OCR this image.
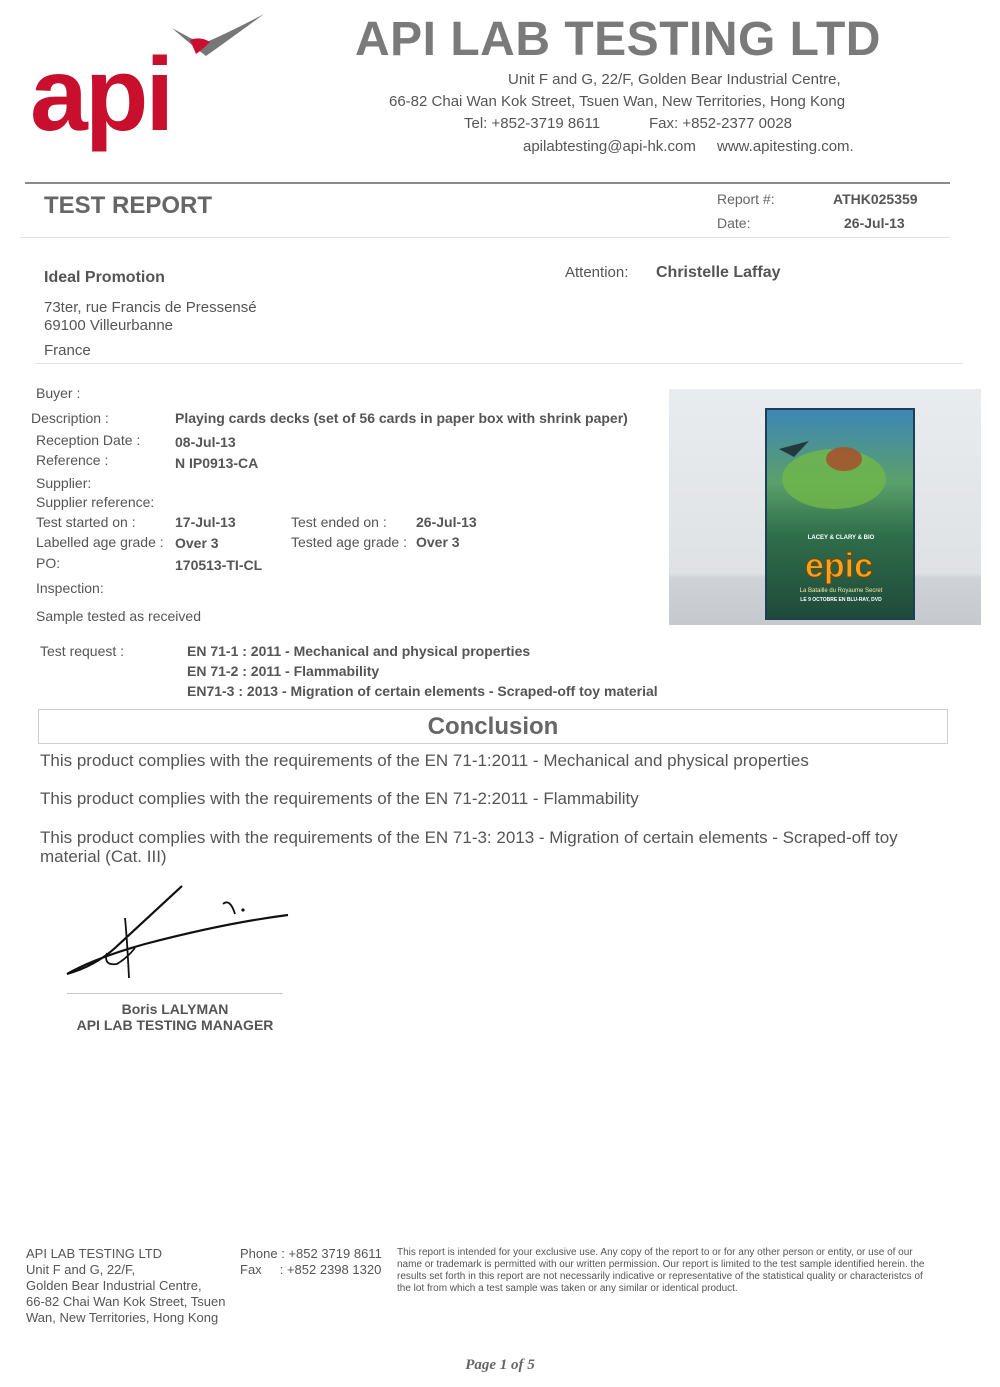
api	API LAB TESTING LTD
Unit F and G, 22/F, Golden Bear Industrial Centre,
66-82 Chai Wan Kok Street, Tsuen Wan, New Territories, Hong Kong
Tel: +852-3719 8611	Fax: +852-2377 0028
apilabtesting@api-hk.com www.apitesting.com.
TEST REPORT	Report #:	ATHK025359
Date:	26-Jul-13
Ideal Promotion
73ter, rue Francis de Pressensé
69100 Villeurbanne
France
Attention: Christelle Laffay
Buyer :
Description :	Playing cards decks (set of 56 cards in paper box with shrink paper)
Reception Date : 08-Jul-13
Reference :	N IP0913-CA
Supplier:
Supplier reference:
Test started on :	17-Jul-13	Test ended on : 26-Jul-13
Labelled age grade : Over 3	Tested age grade : Over 3
PO:	170513-TI-CL
Inspection:
Sample tested as received
Test request :	EN 71-1 : 2011 - Mechanical and physical properties
EN 71-2 : 2011 - Flammability
EN71-3 : 2013 - Migration of certain elements - Scraped-off toy material
LACEY & CLARY & BIO
epic
La Bataille du Royaume Secret
LE 9 OCTOBRE EN BLU-RAY, DVD
Conclusion
This product complies with the requirements of the EN 71-1:2011 - Mechanical and physical properties
This product complies with the requirements of the EN 71-2:2011 - Flammability
This product complies with the requirements of the EN 71-3: 2013 - Migration of certain elements - Scraped-off toy material (Cat. III)
Boris LALYMAN
API LAB TESTING MANAGER
API LAB TESTING LTD
Unit F and G, 22/F,
Golden Bear Industrial Centre,
66-82 Chai Wan Kok Street, Tsuen
Wan, New Territories, Hong Kong
Phone : +852 3719 8611
Fax     : +852 2398 1320
This report is intended for your exclusive use. Any copy of the report to or for any other person or entity, or use of our name or trademark is permitted with our written permission. Our report is limited to the test sample identified herein. the results set forth in this report are not necessarily indicative or representative of the statistical quality or characteristcs of the lot from which a test sample was taken or any similar or identical product.
Page 1 of 5
